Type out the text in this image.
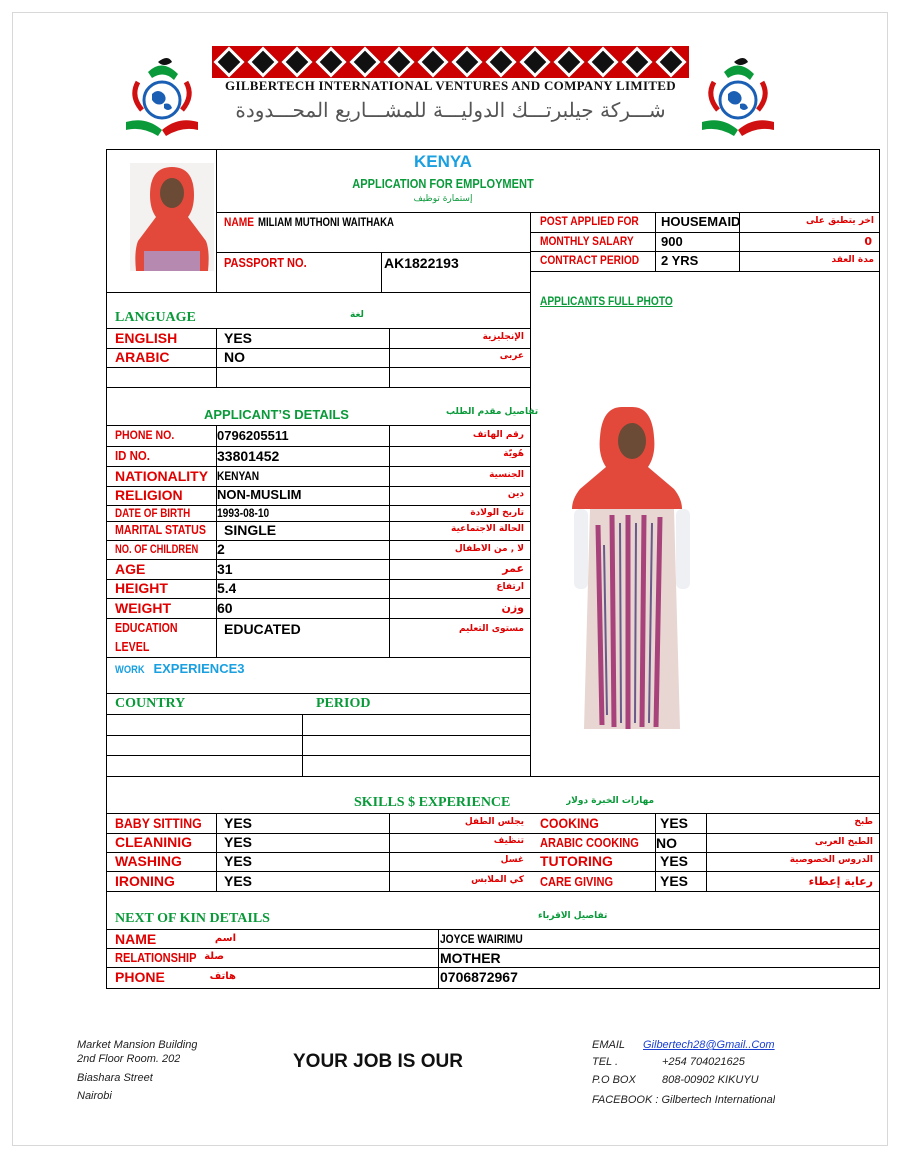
GILBERTECH INTERNATIONAL VENTURES AND COMPANY LIMITED
شـــركة جيلبرتـــك الدوليـــة للمشـــاريع المحـــدودة
KENYA
APPLICATION FOR EMPLOYMENT
إستمارة توظيف
NAME MILIAM MUTHONI WAITHAKA
PASSPORT NO.	AK1822193
POST APPLIED FOR HOUSEMAID	أخر يتطبق على
MONTHLY SALARY 900	0
CONTRACT PERIOD 2 YRS	مدة العقد
APPLICANTS FULL PHOTO
LANGUAGE	لغة
ENGLISH	YES	الإنجليزية
ARABIC	NO	عربى
APPLICANT’S DETAILS	تفاصيل مقدم الطلب
PHONE NO.	0796205511	رقم الهاتف
ID NO.	33801452	هُويّة
NATIONALITY KENYAN	الجنسية
RELIGION	NON-MUSLIM	دين
DATE OF BIRTH 1993-08-10	تاريخ الولادة
MARITAL STATUS SINGLE	الحالة الاجتماعية
NO. OF CHILDREN 2	لا , من الأطفال
AGE	31	عمر
HEIGHT	5.4	ارتفاع
WEIGHT	60	وزن
EDUCATION
LEVEL
EDUCATED	مستوى التعليم
WORK EXPERIENCE3
COUNTRY	PERIOD
SKILLS $ EXPERIENCE	مهارات الخبرة دولار
BABY SITTING YES	يجلس الطفل
CLEANINIG YES	تنظيف
WASHING	YES	غسل
IRONING	YES	كي الملابس
COOKING	YES	طبخ
ARABIC COOKING NO	الطبخ العربى
TUTORING	YES	الدروس الخصوصية
CARE GIVING	YES	رعاية إعطاء
NEXT OF KIN DETAILS	تفاصيل الأقرباء
NAME	اسم	JOYCE WAIRIMU
RELATIONSHIP صلة	MOTHER
PHONE	هاتف	0706872967
Market Mansion Building
2nd Floor Room. 202
Biashara Street
Nairobi
YOUR JOB IS OUR
EMAIL Gilbertech28@Gmail..Com
TEL .	+254 704021625
P.O BOX 808-00902 KIKUYU
FACEBOOK : Gilbertech International
